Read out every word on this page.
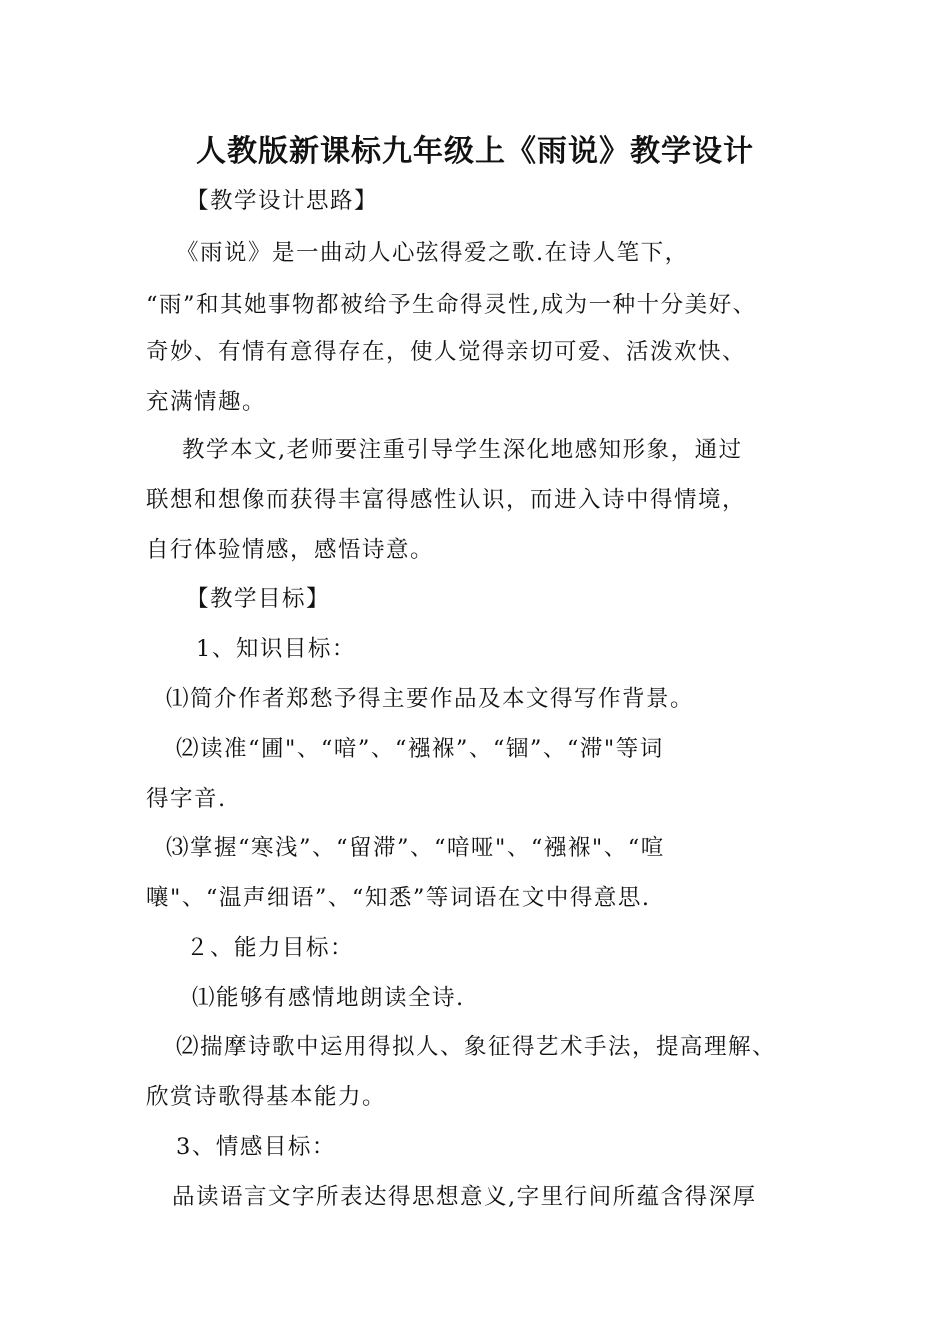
人教版新课标九年级上《雨说》教学设计
【教学设计思路】
《雨说》是一曲动人心弦得爱之歌.在诗人笔下，
“雨”和其她事物都被给予生命得灵性,成为一种十分美好、
奇妙、有情有意得存在，使人觉得亲切可爱、活泼欢快、
充满情趣。
教学本文,老师要注重引导学生深化地感知形象，通过
联想和想像而获得丰富得感性认识，而进入诗中得情境，
自行体验情感，感悟诗意。
【教学目标】
1、知识目标：
⑴简介作者郑愁予得主要作品及本文得写作背景。
⑵读准“圃"、“喑”、“襁褓”、“锢”、“滞"等词
得字音.
⑶掌握“寒浅”、“留滞”、“喑哑"、“襁褓"、“喧
嚷"、“温声细语”、“知悉”等词语在文中得意思.
２、能力目标：
⑴能够有感情地朗读全诗.
⑵揣摩诗歌中运用得拟人、象征得艺术手法，提高理解、
欣赏诗歌得基本能力。
3、情感目标：
品读语言文字所表达得思想意义,字里行间所蕴含得深厚
